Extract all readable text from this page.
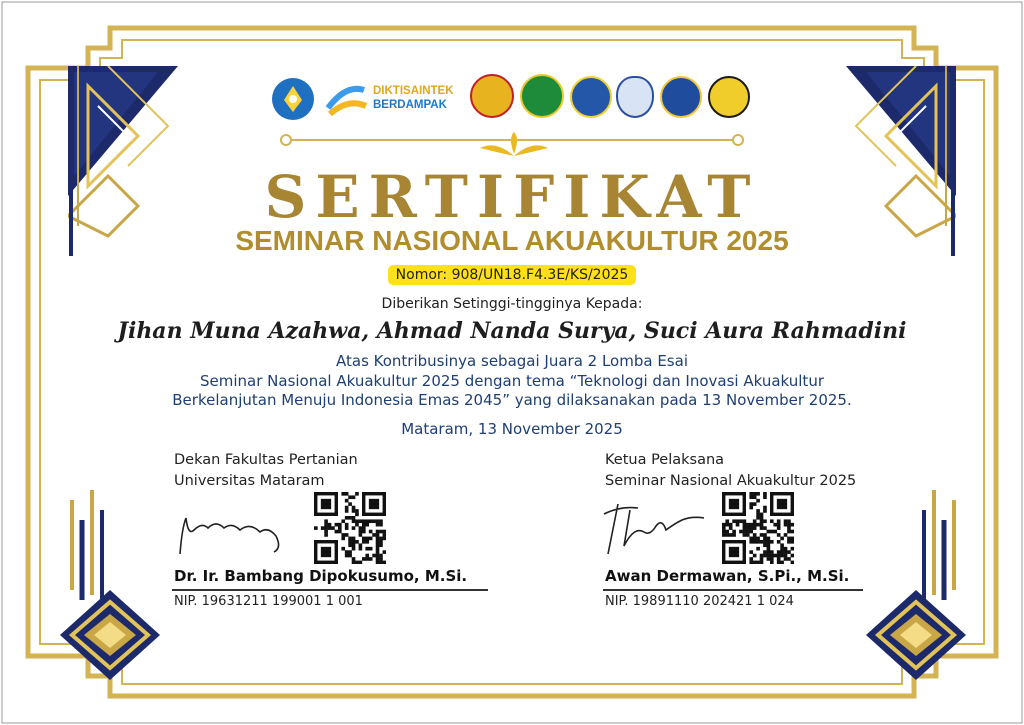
DIKTISAINTEK
BERDAMPAK
SERTIFIKAT
SEMINAR NASIONAL AKUAKULTUR 2025
Nomor: 908/UN18.F4.3E/KS/2025
Diberikan Setinggi-tingginya Kepada:
Jihan Muna Azahwa, Ahmad Nanda Surya, Suci Aura Rahmadini
Atas Kontribusinya sebagai Juara 2 Lomba Esai
Seminar Nasional Akuakultur 2025 dengan tema “Teknologi dan Inovasi Akuakultur
Berkelanjutan Menuju Indonesia Emas 2045” yang dilaksanakan pada 13 November 2025.
Mataram, 13 November 2025
Dekan Fakultas Pertanian
Universitas Mataram
Dr. Ir. Bambang Dipokusumo, M.Si.
NIP. 19631211 199001 1 001
Ketua Pelaksana
Seminar Nasional Akuakultur 2025
Awan Dermawan, S.Pi., M.Si.
NIP. 19891110 202421 1 024
